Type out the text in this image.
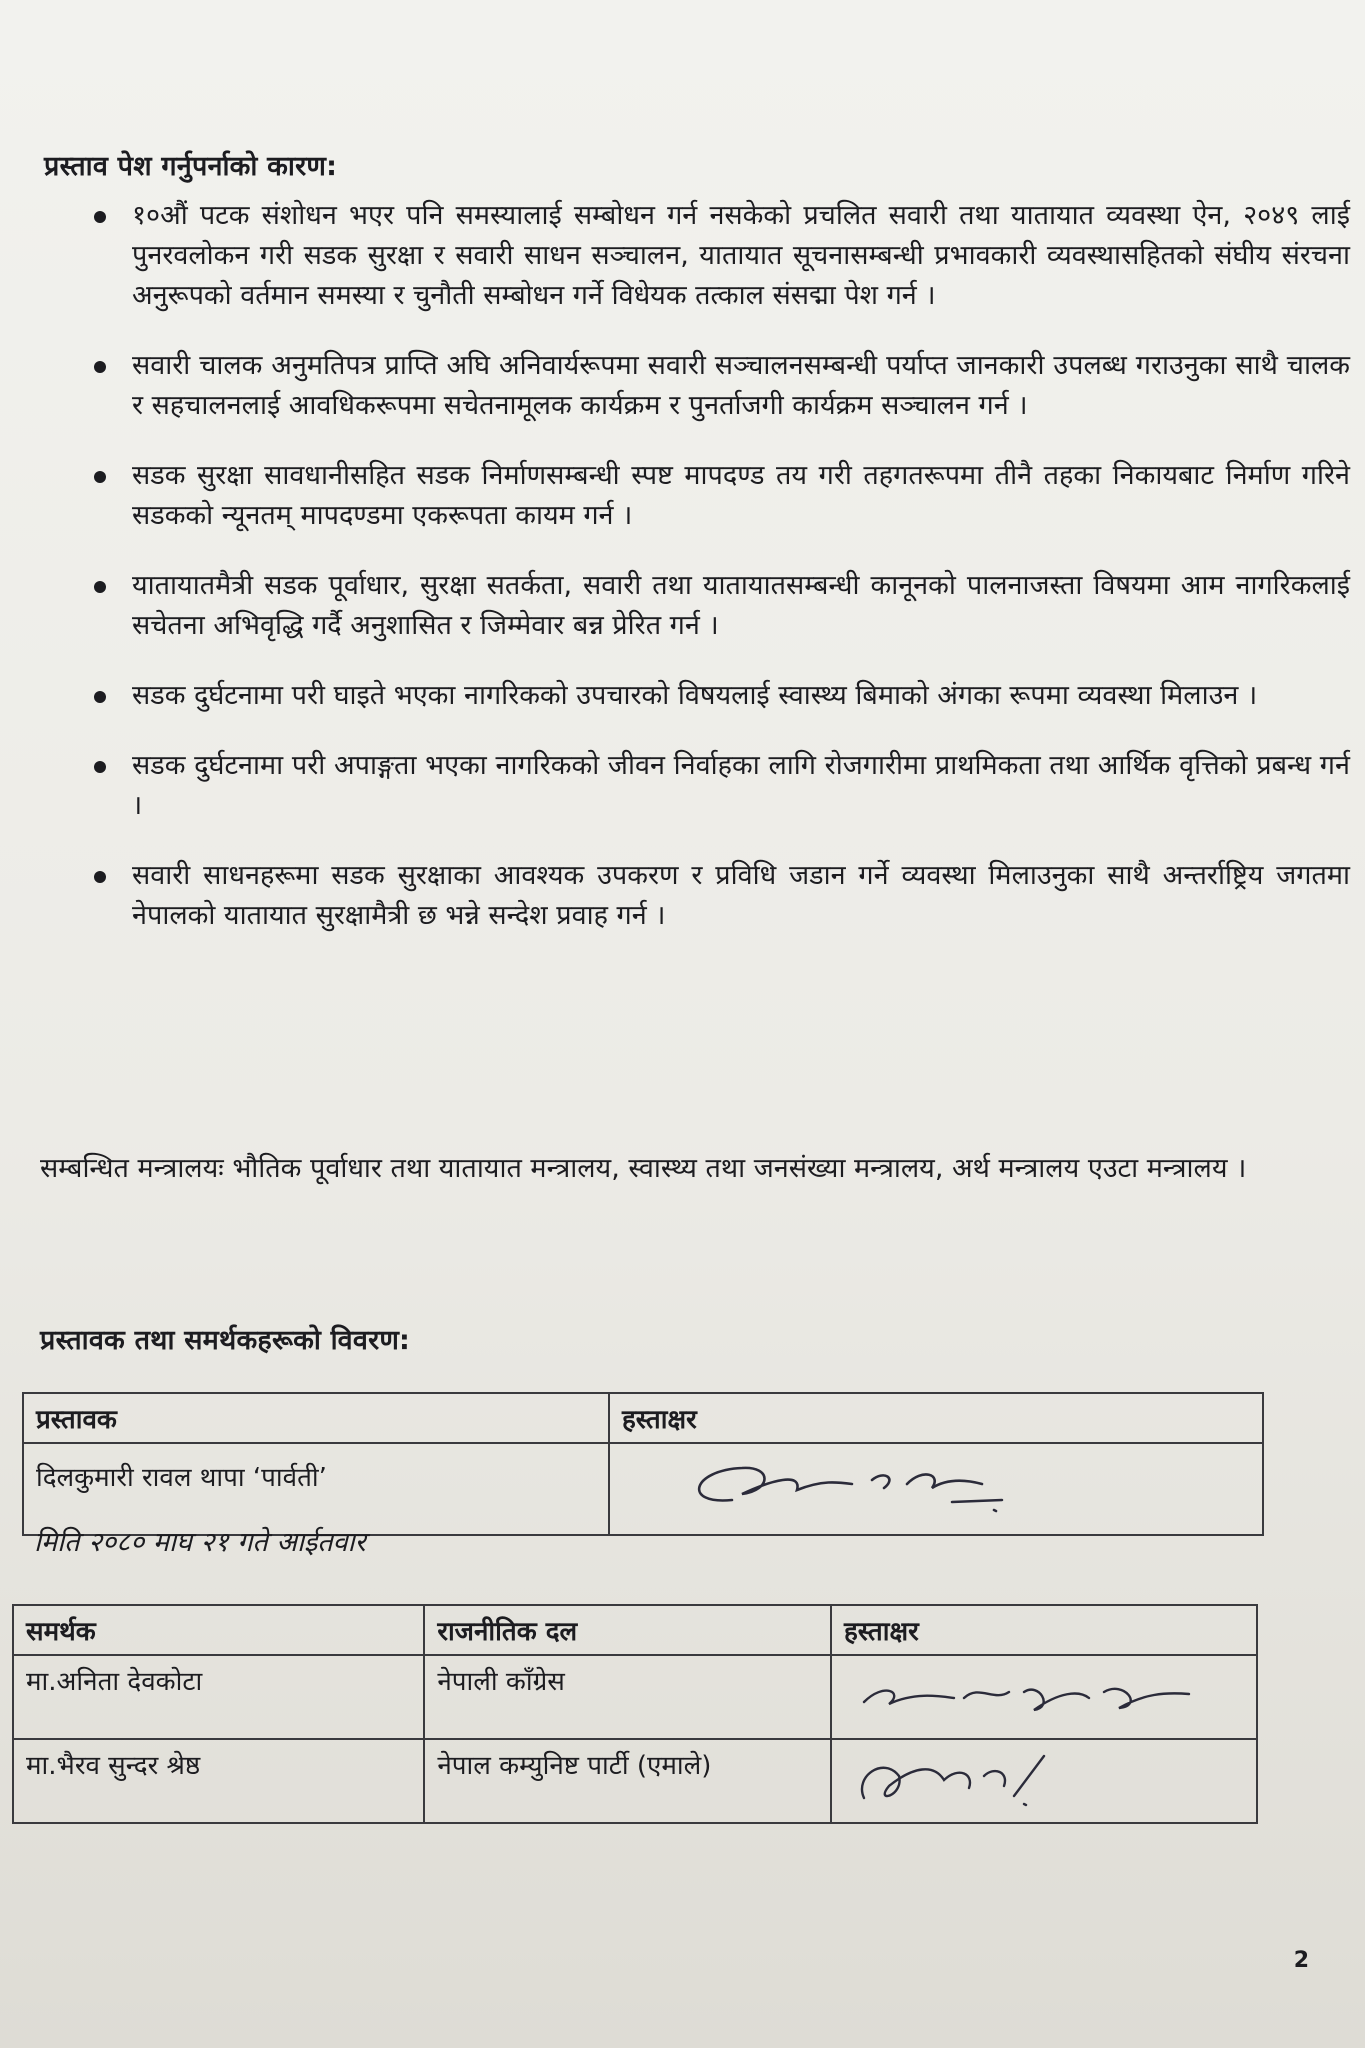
प्रस्ताव पेश गर्नुपर्नाको कारण:
१०औं पटक संशोधन भएर पनि समस्यालाई सम्बोधन गर्न नसकेको प्रचलित सवारी तथा यातायात व्यवस्था ऐन, २०४९ लाई पुनरवलोकन गरी सडक सुरक्षा र सवारी साधन सञ्चालन, यातायात सूचनासम्बन्धी प्रभावकारी व्यवस्थासहितको संघीय संरचना अनुरूपको वर्तमान समस्या र चुनौती सम्बोधन गर्ने विधेयक तत्काल संसद्मा पेश गर्न ।
सवारी चालक अनुमतिपत्र प्राप्ति अघि अनिवार्यरूपमा सवारी सञ्चालनसम्बन्धी पर्याप्त जानकारी उपलब्ध गराउनुका साथै चालक र सहचालनलाई आवधिकरूपमा सचेतनामूलक कार्यक्रम र पुनर्ताजगी कार्यक्रम सञ्चालन गर्न ।
सडक सुरक्षा सावधानीसहित सडक निर्माणसम्बन्धी स्पष्ट मापदण्ड तय गरी तहगतरूपमा तीनै तहका निकायबाट निर्माण गरिने सडकको न्यूनतम् मापदण्डमा एकरूपता कायम गर्न ।
यातायातमैत्री सडक पूर्वाधार, सुरक्षा सतर्कता, सवारी तथा यातायातसम्बन्धी कानूनको पालनाजस्ता विषयमा आम नागरिकलाई सचेतना अभिवृद्धि गर्दै अनुशासित र जिम्मेवार बन्न प्रेरित गर्न ।
सडक दुर्घटनामा परी घाइते भएका नागरिकको उपचारको विषयलाई स्वास्थ्य बिमाको अंगका रूपमा व्यवस्था मिलाउन ।
सडक दुर्घटनामा परी अपाङ्गता भएका नागरिकको जीवन निर्वाहका लागि रोजगारीमा प्राथमिकता तथा आर्थिक वृत्तिको प्रबन्ध गर्न ।
सवारी साधनहरूमा सडक सुरक्षाका आवश्यक उपकरण र प्रविधि जडान गर्ने व्यवस्था मिलाउनुका साथै अन्तर्राष्ट्रिय जगतमा नेपालको यातायात सुरक्षामैत्री छ भन्ने सन्देश प्रवाह गर्न ।
सम्बन्धित मन्त्रालयः भौतिक पूर्वाधार तथा यातायात मन्त्रालय, स्वास्थ्य तथा जनसंख्या मन्त्रालय, अर्थ मन्त्रालय एउटा मन्त्रालय ।
प्रस्तावक तथा समर्थकहरूको विवरण:
प्रस्तावक	हस्ताक्षर
दिलकुमारी रावल थापा ‘पार्वती’	
मिति २०८० माघ २१ गते आईतवार
समर्थक	राजनीतिक दल	हस्ताक्षर
मा.अनिता देवकोटा	नेपाली काँग्रेस	

मा.भैरव सुन्दर श्रेष्ठ	नेपाल कम्युनिष्ट पार्टी (एमाले)	
2
